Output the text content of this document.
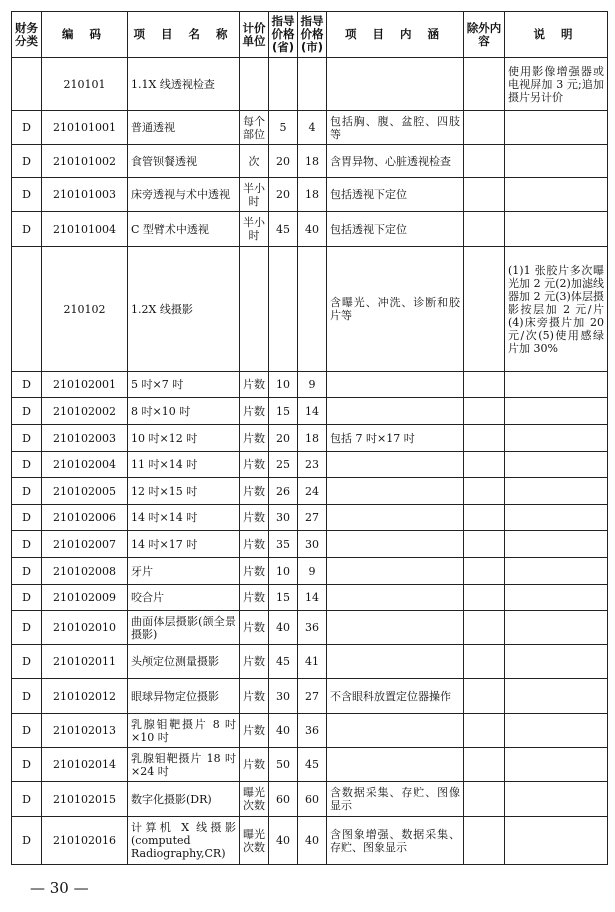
财务分类	编 码	项 目 名 称	计价单位	指导价格(省)	指导价格(市)	项 目 内 涵	除外内容	说 明
	210101	1.1X 线透视检查						使用影像增强器或电视屏加 3 元;追加摄片另计价
D	210101001	普通透视	每个部位	5	4	包括胸、腹、盆腔、四肢等		
D	210101002	食管钡餐透视	次	20	18	含胃异物、心脏透视检查		
D	210101003	床旁透视与术中透视	半小时	20	18	包括透视下定位		
D	210101004	C 型臂术中透视	半小时	45	40	包括透视下定位		
	210102	1.2X 线摄影				含曝光、冲洗、诊断和胶片等		(1)1 张胶片多次曝光加 2 元(2)加滤线器加 2 元(3)体层摄影按层加 2 元/片(4)床旁摄片加 20 元/次(5)使用感绿片加 30%
D	210102001	5 吋×7 吋	片数	10	9			
D	210102002	8 吋×10 吋	片数	15	14			
D	210102003	10 吋×12 吋	片数	20	18	包括 7 吋×17 吋		
D	210102004	11 吋×14 吋	片数	25	23			
D	210102005	12 吋×15 吋	片数	26	24			
D	210102006	14 吋×14 吋	片数	30	27			
D	210102007	14 吋×17 吋	片数	35	30			
D	210102008	牙片	片数	10	9			
D	210102009	咬合片	片数	15	14			
D	210102010	曲面体层摄影(颌全景摄影)	片数	40	36			
D	210102011	头颅定位测量摄影	片数	45	41			
D	210102012	眼球异物定位摄影	片数	30	27	不含眼科放置定位器操作		
D	210102013	乳腺钼靶摄片 8 吋×10 吋	片数	40	36			
D	210102014	乳腺钼靶摄片 18 吋×24 吋	片数	50	45			
D	210102015	数字化摄影(DR)	曝光次数	60	60	含数据采集、存贮、图像显示		
D	210102016	计算机 X 线摄影(computed Radiography,CR)	曝光次数	40	40	含图象增强、数据采集、存贮、图象显示		
— 30 —
